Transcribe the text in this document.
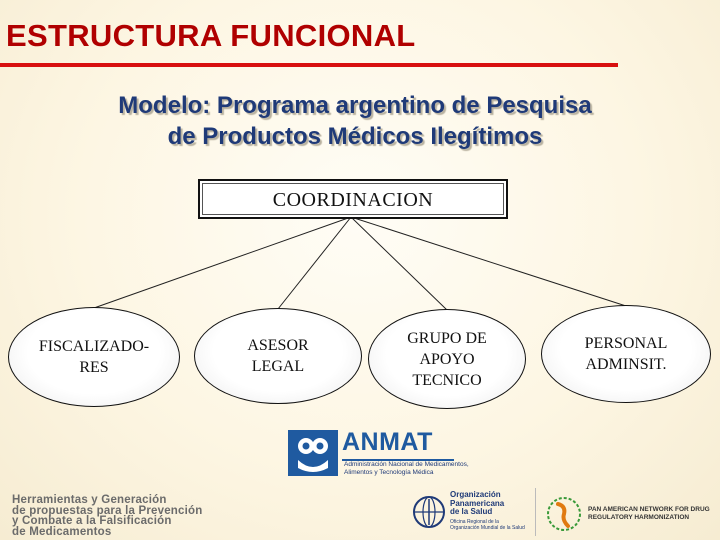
ESTRUCTURA FUNCIONAL
Modelo: Programa argentino de Pesquisa
de Productos Médicos Ilegítimos
COORDINACION
FISCALIZADO-
RES
ASESOR
LEGAL
GRUPO DE
APOYO
TECNICO
PERSONAL
ADMINSIT.
ANMAT
Administración Nacional de Medicamentos,
Alimentos y Tecnología Médica
Herramientas y Generación
de propuestas para la Prevención
y Combate a la Falsificación
de Medicamentos
Organización
Panamericana
de la Salud
Oficina Regional de la
Organización Mundial de la Salud
PAN AMERICAN NETWORK FOR DRUG
REGULATORY HARMONIZATION
